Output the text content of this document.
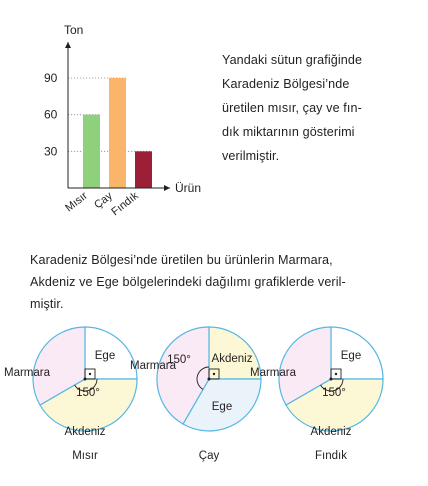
Ton
Ürün
30
60
90
Mısır Çay
Fındık
Yandaki sütun grafiğinde
Karadeniz Bölgesi’nde
üretilen mısır, çay ve fın-
dık miktarının gösterimi
verilmiştir.
Karadeniz Bölgesi’nde üretilen bu ürünlerin Marmara,
Akdeniz ve Ege bölgelerindeki dağılımı grafiklerde veril-
miştir.
Ege
Akdeniz
Marmara
150°
Mısır
Akdeniz
Ege
Marmara
150°
Çay
Ege
Akdeniz
Marmara
150°
Fındık
